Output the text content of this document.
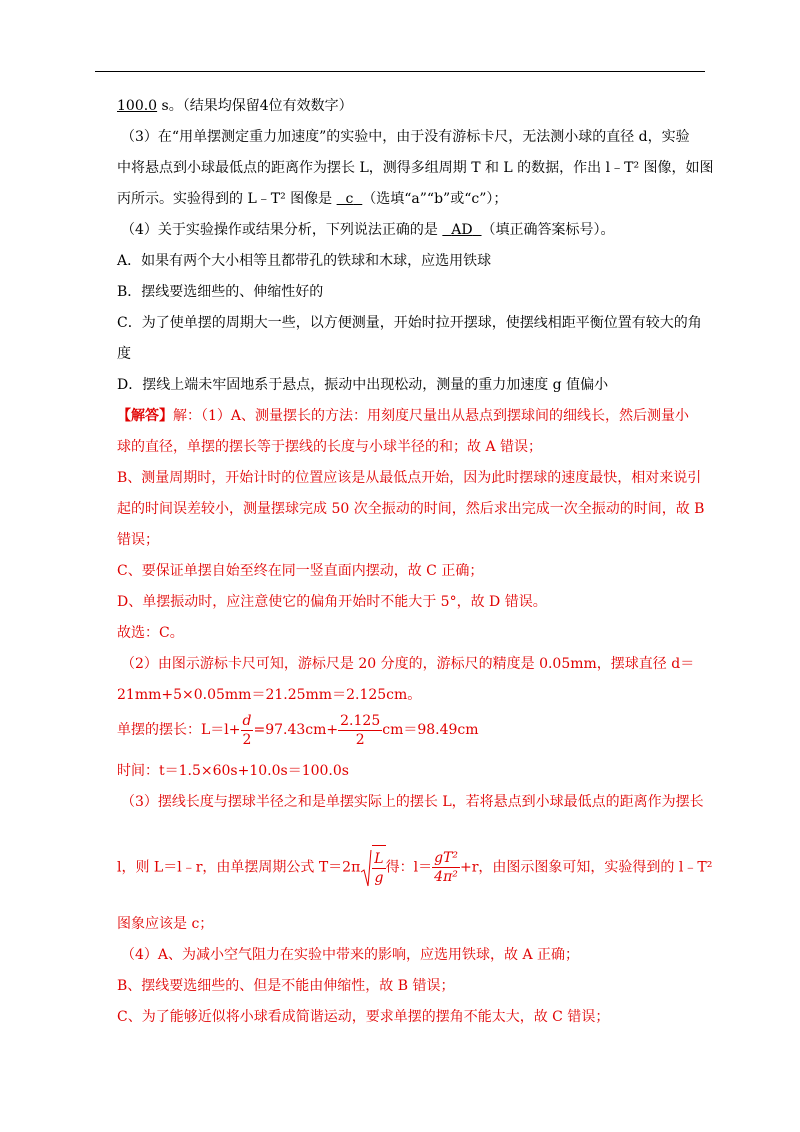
100.0 s。（结果均保留4位有效数字）
（3）在“用单摆测定重力加速度”的实验中，由于没有游标卡尺，无法测小球的直径 d，实验
中将悬点到小球最低点的距离作为摆长 L，测得多组周期 T 和 L 的数据，作出 l﹣T² 图像，如图
丙所示。实验得到的 L﹣T² 图像是 c （选填“a”“b”或“c”）；
（4）关于实验操作或结果分析，下列说法正确的是 AD （填正确答案标号）。
A．如果有两个大小相等且都带孔的铁球和木球，应选用铁球
B．摆线要选细些的、伸缩性好的
C．为了使单摆的周期大一些，以方便测量，开始时拉开摆球，使摆线相距平衡位置有较大的角
度
D．摆线上端未牢固地系于悬点，振动中出现松动，测量的重力加速度 g 值偏小
【解答】解：（1）A、测量摆长的方法：用刻度尺量出从悬点到摆球间的细线长，然后测量小
球的直径，单摆的摆长等于摆线的长度与小球半径的和；故 A 错误；
B、测量周期时，开始计时的位置应该是从最低点开始，因为此时摆球的速度最快，相对来说引
起的时间误差较小，测量摆球完成 50 次全振动的时间，然后求出完成一次全振动的时间，故 B
错误；
C、要保证单摆自始至终在同一竖直面内摆动，故 C 正确；
D、单摆振动时，应注意使它的偏角开始时不能大于 5°，故 D 错误。
故选：C。
（2）由图示游标卡尺可知，游标尺是 20 分度的，游标尺的精度是 0.05mm，摆球直径 d＝
21mm+5×0.05mm＝21.25mm＝2.125cm。
单摆的摆长：$L=l+ \frac{d}{2} =97.43cm+ \frac{2.125}{2} cm=98.49cm$
时间：t＝1.5×60s+10.0s＝100.0s
（3）摆线长度与摆球半径之和是单摆实际上的摆长 L，若将悬点到小球最低点的距离作为摆长
l，则 L＝l﹣r，由单摆周期公式 $T=2\pi \frac{L}{g}$ 得：$l= \frac{\text{gT²}}{\text{4π²}} +r$，由图示图象可知，实验得到的 l﹣T²
图象应该是 c；
（4）A、为减小空气阻力在实验中带来的影响，应选用铁球，故 A 正确；
B、摆线要选细些的、但是不能由伸缩性，故 B 错误；
C、为了能够近似将小球看成简谐运动，要求单摆的摆角不能太大，故 C 错误；
